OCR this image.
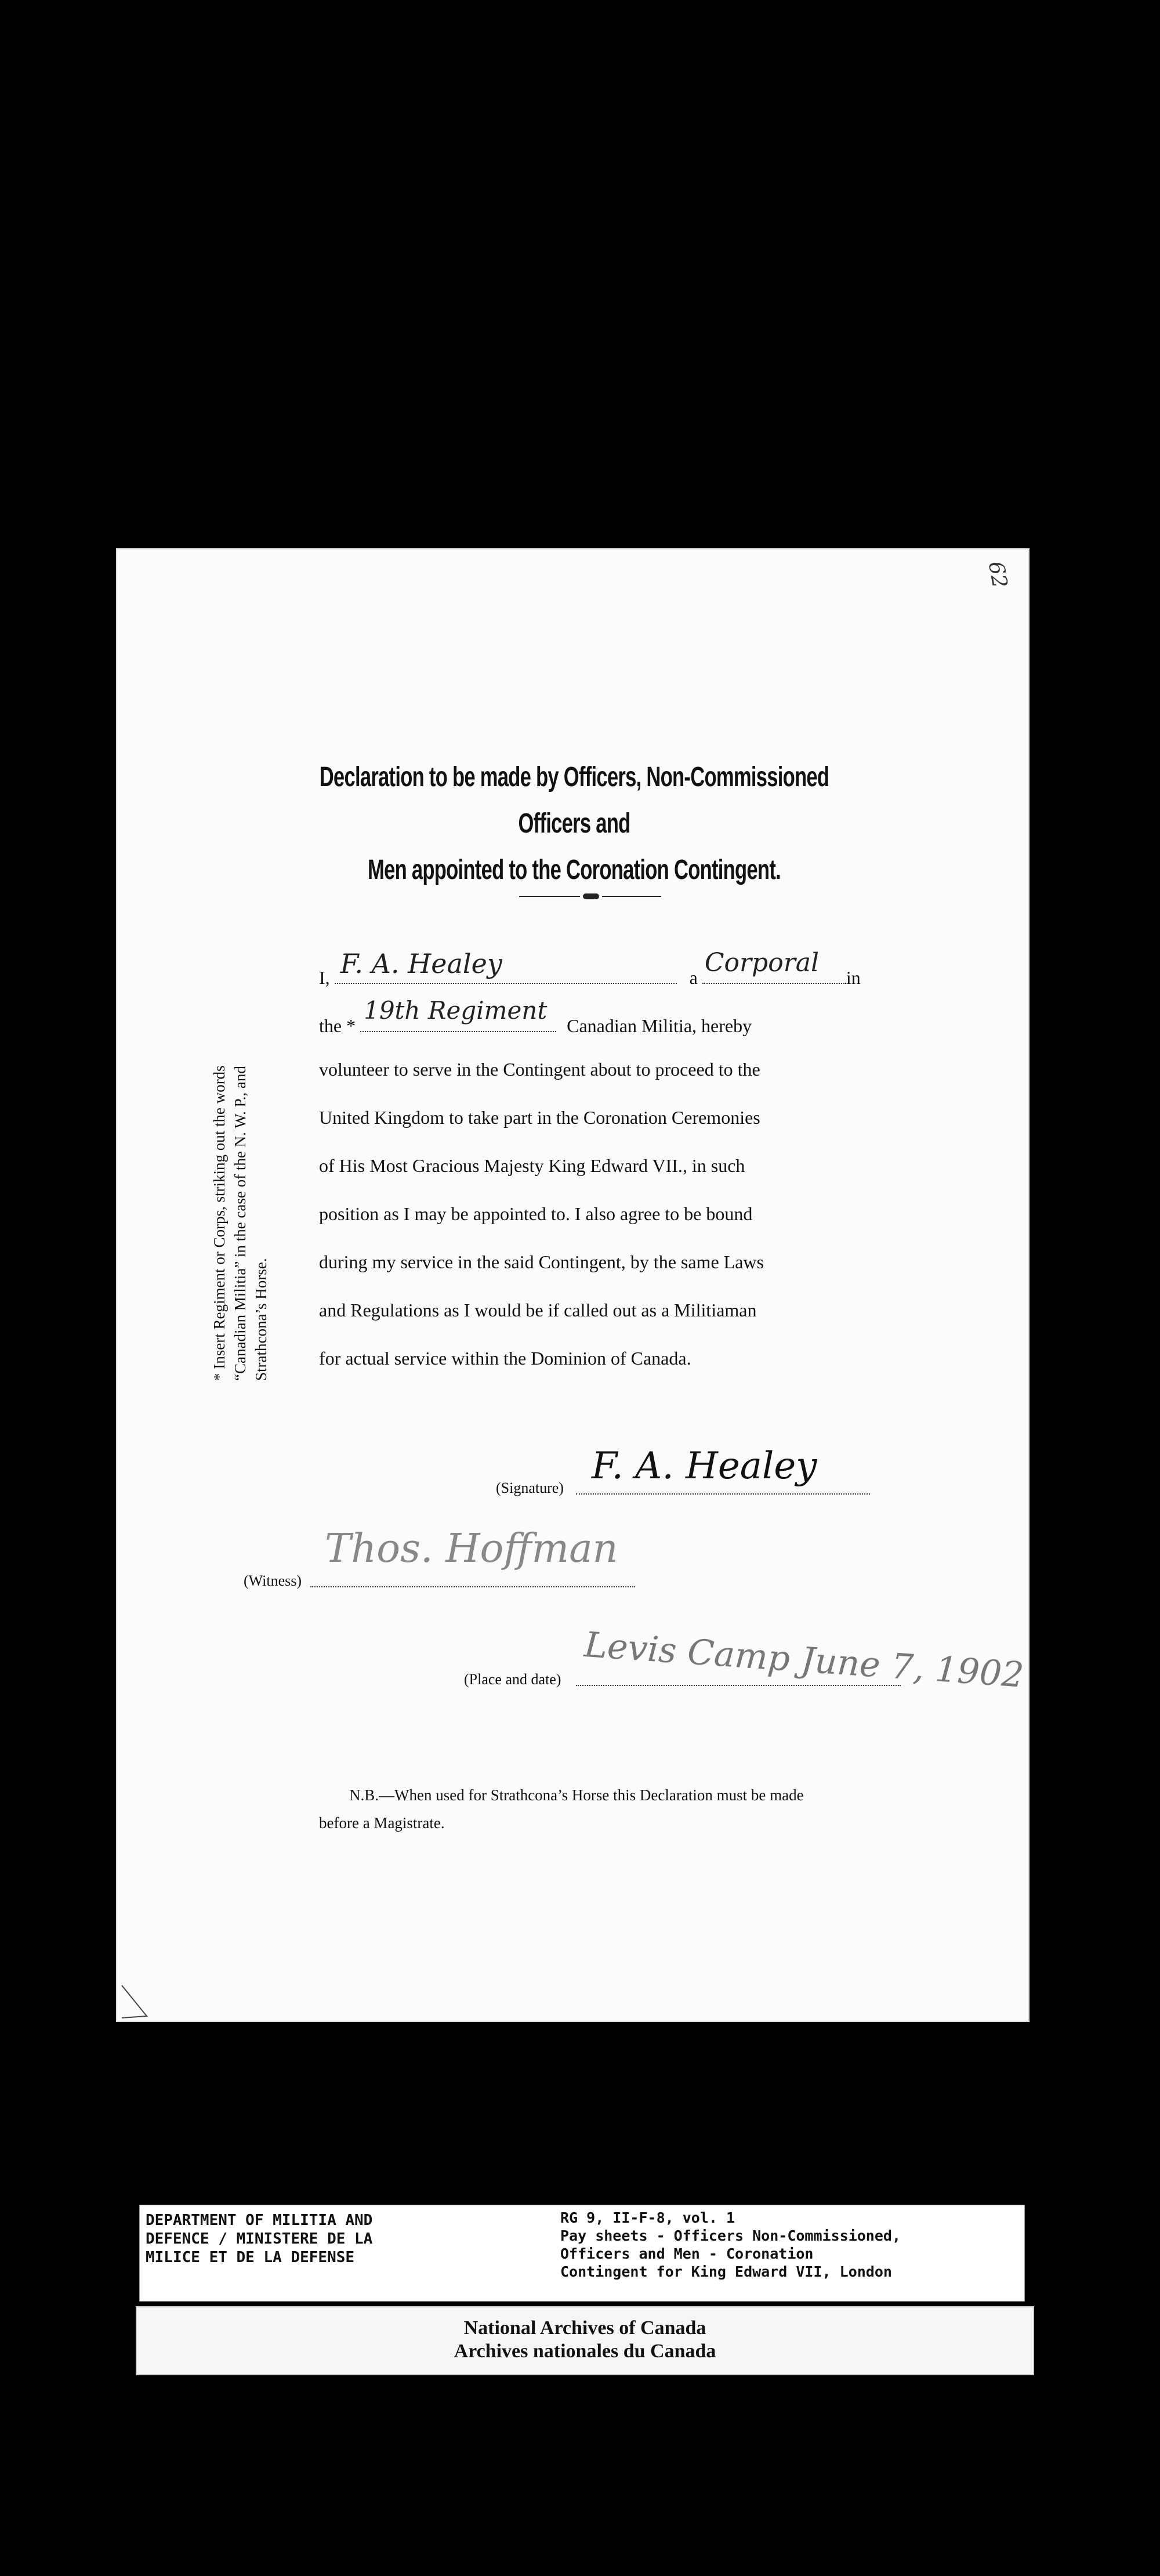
62
Declaration to be made by Officers, Non-Commissioned Officers and
Men appointed to the Coronation Contingent.
I, F. A. Healey	a Corporal in
the *
19th Regiment
Canadian Militia, hereby
volunteer to serve in the Contingent about to proceed to the
United Kingdom to take part in the Coronation Ceremonies
of His Most Gracious Majesty King Edward VII., in such
position as I may be appointed to. I also agree to be bound
during my service in the said Contingent, by the same Laws
and Regulations as I would be if called out as a Militiaman
for actual service within the Dominion of Canada.
* Insert Regiment or Corps, striking out the words “Canadian Militia” in the case of the N. W. P., and Strathcona’s Horse.
(Signature)
F. A. Healey
(Witness)
Thos. Hoffman
(Place and date) Levis Camp June 7, 1902
N.B.—When used for Strathcona’s Horse this Declaration must be made
before a Magistrate.
DEPARTMENT OF MILITIA AND
DEFENCE / MINISTERE DE LA
MILICE ET DE LA DEFENSE
RG 9, II-F-8, vol. 1
Pay sheets - Officers Non-Commissioned,
Officers and Men - Coronation
Contingent for King Edward VII, London
National Archives of Canada
Archives nationales du Canada
